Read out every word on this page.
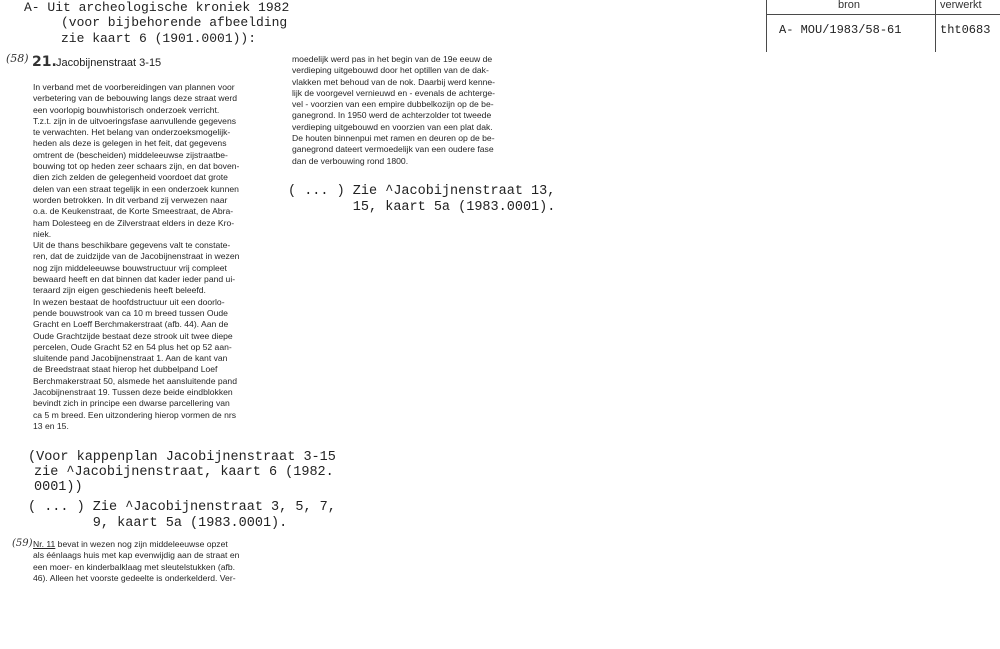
A- Uit archeologische kroniek 1982
(voor bijbehorende afbeelding
zie kaart 6 (1901.0001)):
bron	verwerkt
A- MOU/1983/58-61	tht0683
(58) 21. Jacobijnenstraat 3-15
In verband met de voorbereidingen van plannen voor
verbetering van de bebouwing langs deze straat werd
een voorlopig bouwhistorisch onderzoek verricht.
T.z.t. zijn in de uitvoeringsfase aanvullende gegevens
te verwachten. Het belang van onderzoeksmogelijk-
heden als deze is gelegen in het feit, dat gegevens
omtrent de (bescheiden) middeleeuwse zijstraatbe-
bouwing tot op heden zeer schaars zijn, en dat boven-
dien zich zelden de gelegenheid voordoet dat grote
delen van een straat tegelijk in een onderzoek kunnen
worden betrokken. In dit verband zij verwezen naar
o.a. de Keukenstraat, de Korte Smeestraat, de Abra-
ham Dolesteeg en de Zilverstraat elders in deze Kro-
niek.
Uit de thans beschikbare gegevens valt te constate-
ren, dat de zuidzijde van de Jacobijnenstraat in wezen
nog zijn middeleeuwse bouwstructuur vrij compleet
bewaard heeft en dat binnen dat kader ieder pand ui-
teraard zijn eigen geschiedenis heeft beleefd.
In wezen bestaat de hoofdstructuur uit een doorlo-
pende bouwstrook van ca 10 m breed tussen Oude
Gracht en Loeff Berchmakerstraat (afb. 44). Aan de
Oude Grachtzijde bestaat deze strook uit twee diepe
percelen, Oude Gracht 52 en 54 plus het op 52 aan-
sluitende pand Jacobijnenstraat 1. Aan de kant van
de Breedstraat staat hierop het dubbelpand Loef
Berchmakerstraat 50, alsmede het aansluitende pand
Jacobijnenstraat 19. Tussen deze beide eindblokken
bevindt zich in principe een dwarse parcellering van
ca 5 m breed. Een uitzondering hierop vormen de nrs
13 en 15.
(Voor kappenplan Jacobijnenstraat 3-15
zie ^Jacobijnenstraat, kaart 6 (1982.
0001))
( ... ) Zie ^Jacobijnenstraat 3, 5, 7,
9, kaart 5a (1983.0001).
(59) Nr. 11 bevat in wezen nog zijn middeleeuwse opzet
als éénlaags huis met kap evenwijdig aan de straat en
een moer- en kinderbalklaag met sleutelstukken (afb.
46). Alleen het voorste gedeelte is onderkelderd. Ver-
moedelijk werd pas in het begin van de 19e eeuw de
verdieping uitgebouwd door het optillen van de dak-
vlakken met behoud van de nok. Daarbij werd kenne-
lijk de voorgevel vernieuwd en - evenals de achterge-
vel - voorzien van een empire dubbelkozijn op de be-
ganegrond. In 1950 werd de achterzolder tot tweede
verdieping uitgebouwd en voorzien van een plat dak.
De houten binnenpui met ramen en deuren op de be-
ganegrond dateert vermoedelijk van een oudere fase
dan de verbouwing rond 1800.
( ... ) Zie ^Jacobijnenstraat 13,
15, kaart 5a (1983.0001).
